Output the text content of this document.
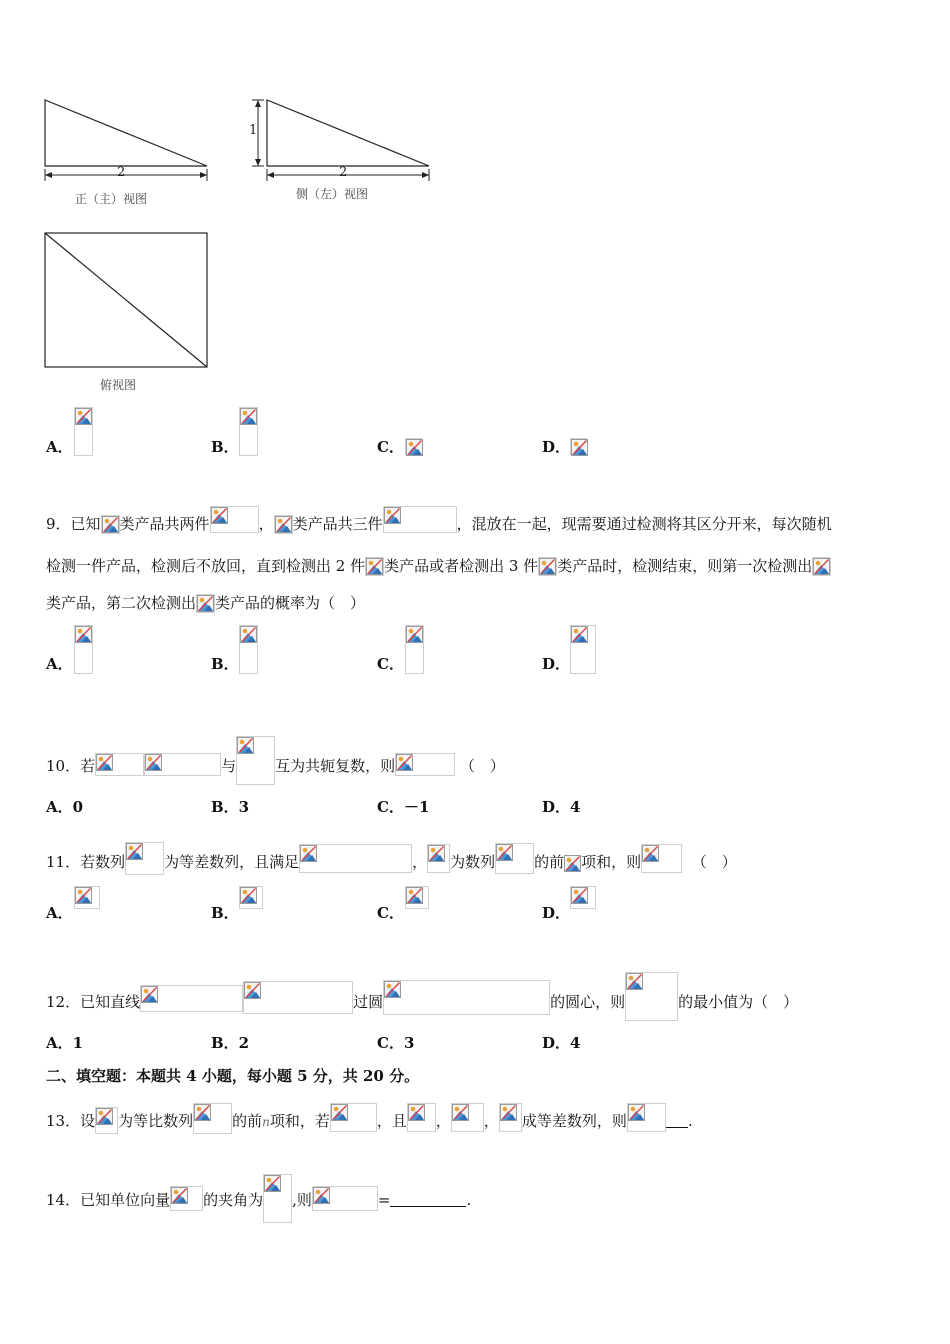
2
正（主）视图
1
2
侧（左）视图
俯视图
A．	B．	C．	D．
9．已知 类产品共两件	， 类产品共三件	，混放在一起，现需要通过检测将其区分开来，每次随机
检测一件产品，检测后不放回，直到检测出 2 件 类产品或者检测出 3 件 类产品时，检测结束，则第一次检测出
类产品，第二次检测出 类产品的概率为（　）
A．	B．	C．	D．
10．若	与	互为共轭复数，则	（　）
A．0	B．3	C．－1	D．4
11．若数列	为等差数列，且满足	， 为数列	的前 项和，则	（　）
A．	B．	C．	D．
12．已知直线	过圆	的圆心，则	的最小值为（　）
A．1	B．2	C．3	D．4
二、填空题：本题共 4 小题，每小题 5 分，共 20 分。
13．设 为等比数列	的前n项和，若	，且 ， ， 成等差数列，则	.
14．已知单位向量 的夹角为 ,则	=	.
